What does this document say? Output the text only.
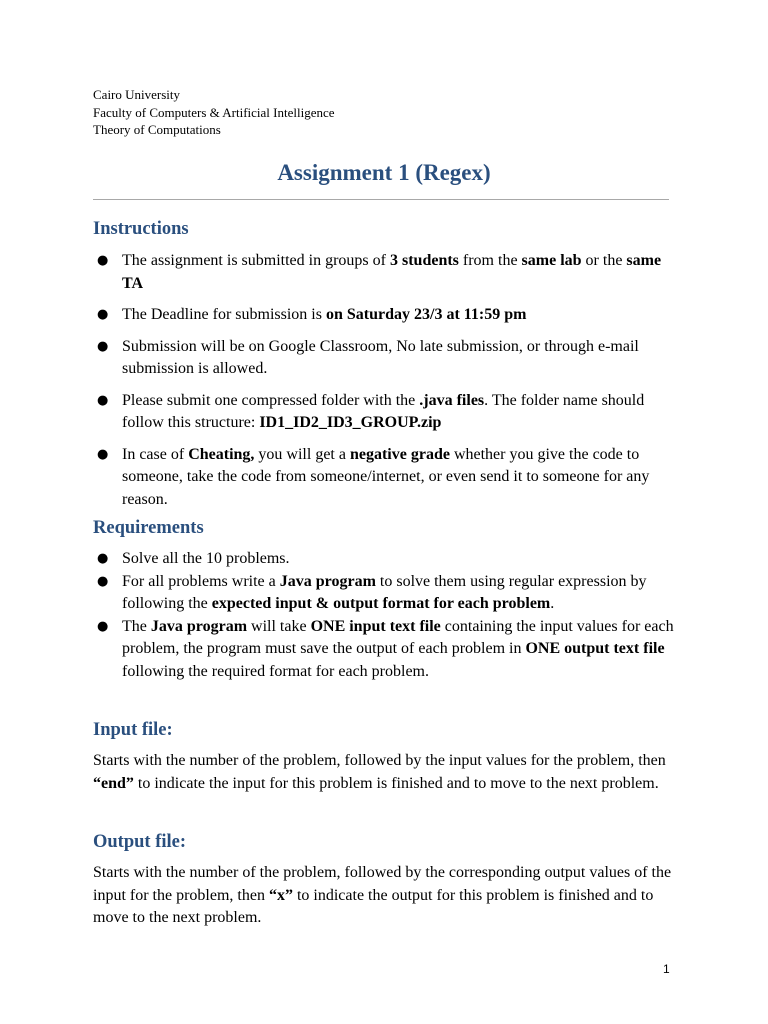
Cairo University
Faculty of Computers & Artificial Intelligence
Theory of Computations
Assignment 1 (Regex)
Instructions
● The assignment is submitted in groups of 3 students from the same lab or the same TA
● The Deadline for submission is on Saturday 23/3 at 11:59 pm
● Submission will be on Google Classroom, No late submission, or through e-mail submission is allowed.
● Please submit one compressed folder with the .java files. The folder name should follow this structure: ID1_ID2_ID3_GROUP.zip
● In case of Cheating, you will get a negative grade whether you give the code to someone, take the code from someone/internet, or even send it to someone for any reason.
Requirements
● Solve all the 10 problems.
● For all problems write a Java program to solve them using regular expression by following the expected input & output format for each problem.
● The Java program will take ONE input text file containing the input values for each problem, the program must save the output of each problem in ONE output text file following the required format for each problem.
Input file:
Starts with the number of the problem, followed by the input values for the problem, then “end” to indicate the input for this problem is finished and to move to the next problem.
Output file:
Starts with the number of the problem, followed by the corresponding output values of the input for the problem, then “x” to indicate the output for this problem is finished and to move to the next problem.
1
